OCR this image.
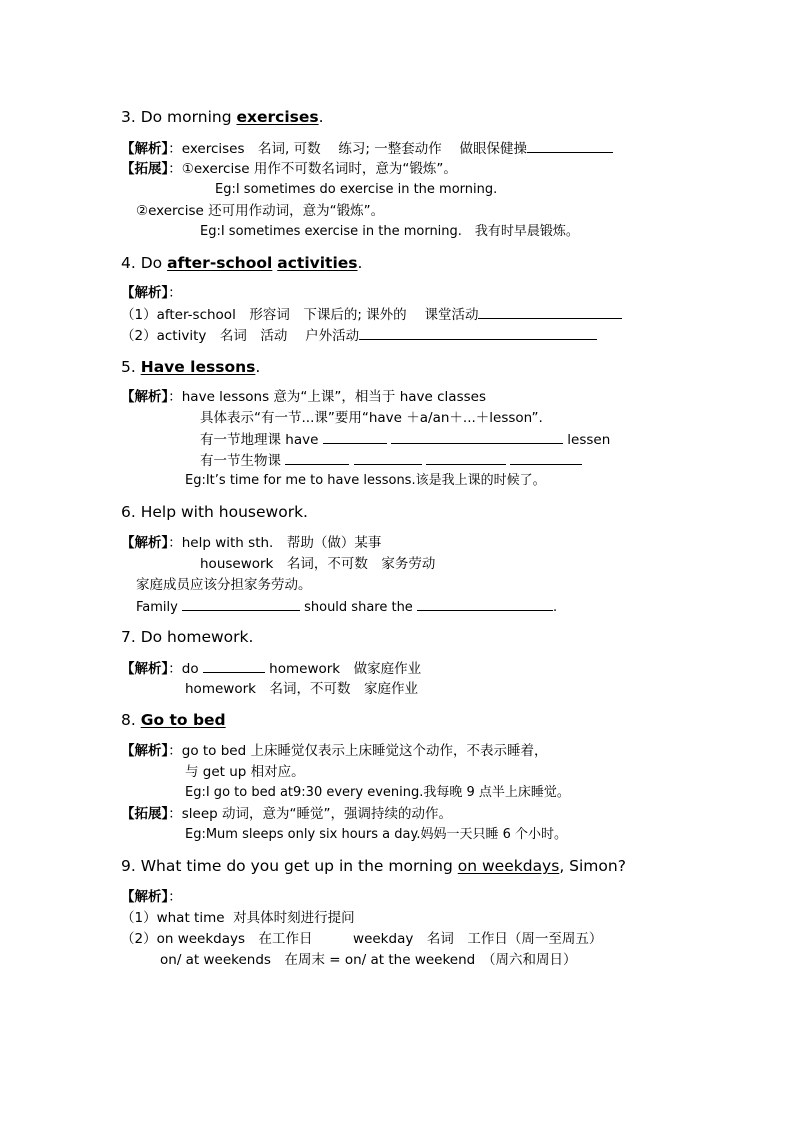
3. Do morning exercises.
【解析】：exercises　名词, 可数　 练习; 一整套动作　 做眼保健操
【拓展】：①exercise 用作不可数名词时，意为“锻炼”。
Eg:I sometimes do exercise in the morning.
②exercise 还可用作动词，意为“锻炼”。
Eg:I sometimes exercise in the morning.　我有时早晨锻炼。
4. Do after-school activities.
【解析】：
（1）after-school　形容词　下课后的; 课外的　 课堂活动
（2）activity　名词　活动　 户外活动
5. Have lessons.
【解析】：have lessons 意为“上课”，相当于 have classes
具体表示“有一节...课”要用“have ＋a/an＋...＋lesson”.
有一节地理课 have	lessen
有一节生物课
Eg:It’s time for me to have lessons.该是我上课的时候了。
6. Help with housework.
【解析】：help with sth.　帮助（做）某事
housework　名词，不可数　家务劳动
家庭成员应该分担家务劳动。
Family	should share the	.
7. Do homework.
【解析】：do	homework　做家庭作业
homework　名词，不可数　家庭作业
8. Go to bed
【解析】：go to bed 上床睡觉仅表示上床睡觉这个动作，不表示睡着，
与 get up 相对应。
Eg:I go to bed at9:30 every evening.我每晚 9 点半上床睡觉。
【拓展】：sleep 动词，意为“睡觉”，强调持续的动作。
Eg:Mum sleeps only six hours a day.妈妈一天只睡 6 个小时。
9. What time do you get up in the morning on weekdays, Simon?
【解析】：
（1）what time  对具体时刻进行提问
（2）on weekdays　在工作日　　　weekday　名词　工作日（周一至周五）
on/ at weekends　在周末 = on/ at the weekend　（周六和周日）
